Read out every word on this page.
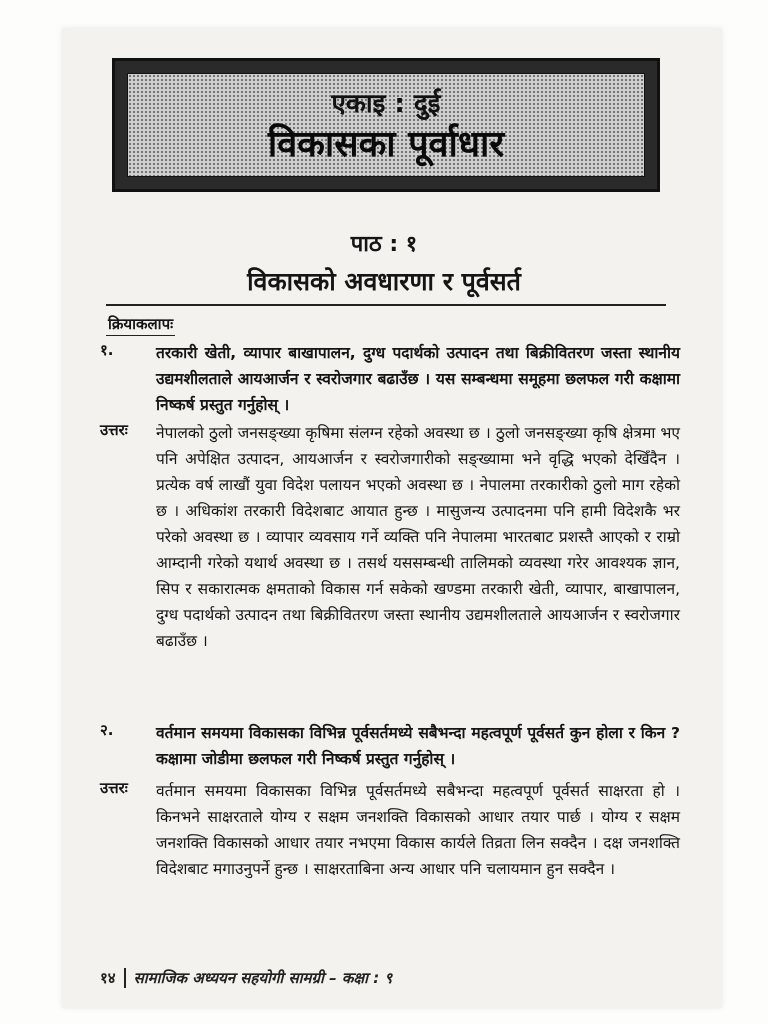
एकाइ : दुई
विकासका पूर्वाधार
पाठ : १
विकासको अवधारणा र पूर्वसर्त
क्रियाकलापः
१.	तरकारी खेती, व्यापार बाखापालन, दुग्ध पदार्थको उत्पादन तथा बिक्रीवितरण जस्ता स्थानीय उद्यमशीलताले आयआर्जन र स्वरोजगार बढाउँछ । यस सम्बन्धमा समूहमा छलफल गरी कक्षामा निष्कर्ष प्रस्तुत गर्नुहोस् ।
उत्तरः	नेपालको ठुलो जनसङ्ख्या कृषिमा संलग्न रहेको अवस्था छ । ठुलो जनसङ्ख्या कृषि क्षेत्रमा भए पनि अपेक्षित उत्पादन, आयआर्जन र स्वरोजगारीको सङ्ख्यामा भने वृद्धि भएको देखिँदैन । प्रत्येक वर्ष लाखौं युवा विदेश पलायन भएको अवस्था छ । नेपालमा तरकारीको ठुलो माग रहेको छ । अधिकांश तरकारी विदेशबाट आयात हुन्छ । मासुजन्य उत्पादनमा पनि हामी विदेशकै भर परेको अवस्था छ । व्यापार व्यवसाय गर्ने व्यक्ति पनि नेपालमा भारतबाट प्रशस्तै आएको र राम्रो आम्दानी गरेको यथार्थ अवस्था छ । तसर्थ यससम्बन्धी तालिमको व्यवस्था गरेर आवश्यक ज्ञान, सिप र सकारात्मक क्षमताको विकास गर्न सकेको खण्डमा तरकारी खेती, व्यापार, बाखापालन, दुग्ध पदार्थको उत्पादन तथा बिक्रीवितरण जस्ता स्थानीय उद्यमशीलताले आयआर्जन र स्वरोजगार बढाउँछ ।
२.	वर्तमान समयमा विकासका विभिन्न पूर्वसर्तमध्ये सबैभन्दा महत्वपूर्ण पूर्वसर्त कुन होला र किन ? कक्षामा जोडीमा छलफल गरी निष्कर्ष प्रस्तुत गर्नुहोस् ।
उत्तरः	वर्तमान समयमा विकासका विभिन्न पूर्वसर्तमध्ये सबैभन्दा महत्वपूर्ण पूर्वसर्त साक्षरता हो । किनभने साक्षरताले योग्य र सक्षम जनशक्ति विकासको आधार तयार पार्छ । योग्य र सक्षम जनशक्ति विकासको आधार तयार नभएमा विकास कार्यले तिव्रता लिन सक्दैन । दक्ष जनशक्ति विदेशबाट मगाउनुपर्ने हुन्छ । साक्षरताबिना अन्य आधार पनि चलायमान हुन सक्दैन ।
१४ सामाजिक अध्ययन सहयोगी सामग्री – कक्षा : ९
